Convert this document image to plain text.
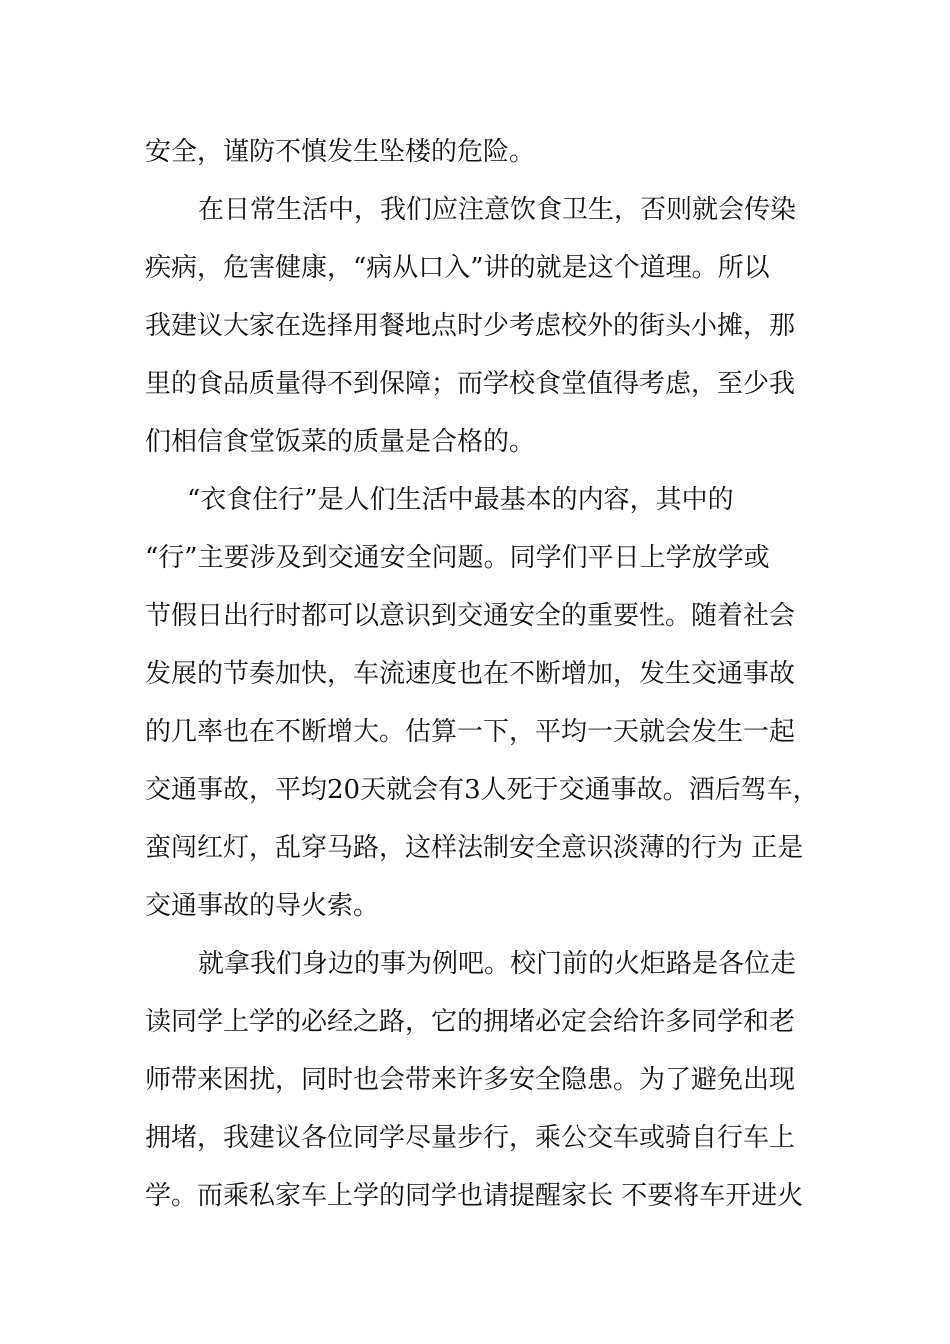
安全，谨防不慎发生坠楼的危险。
在日常生活中，我们应注意饮食卫生，否则就会传染
疾病，危害健康，“病从口入”讲的就是这个道理。所以
我建议大家在选择用餐地点时少考虑校外的街头小摊，那
里的食品质量得不到保障；而学校食堂值得考虑，至少我
们相信食堂饭菜的质量是合格的。
“衣食住行”是人们生活中最基本的内容，其中的
“行”主要涉及到交通安全问题。同学们平日上学放学或
节假日出行时都可以意识到交通安全的重要性。随着社会
发展的节奏加快，车流速度也在不断增加，发生交通事故
的几率也在不断增大。估算一下，平均一天就会发生一起
交通事故，平均20天就会有3人死于交通事故。酒后驾车，
蛮闯红灯，乱穿马路，这样法制安全意识淡薄的行为 正是
交通事故的导火索。
就拿我们身边的事为例吧。校门前的火炬路是各位走
读同学上学的必经之路，它的拥堵必定会给许多同学和老
师带来困扰，同时也会带来许多安全隐患。为了避免出现
拥堵，我建议各位同学尽量步行，乘公交车或骑自行车上
学。而乘私家车上学的同学也请提醒家长 不要将车开进火
